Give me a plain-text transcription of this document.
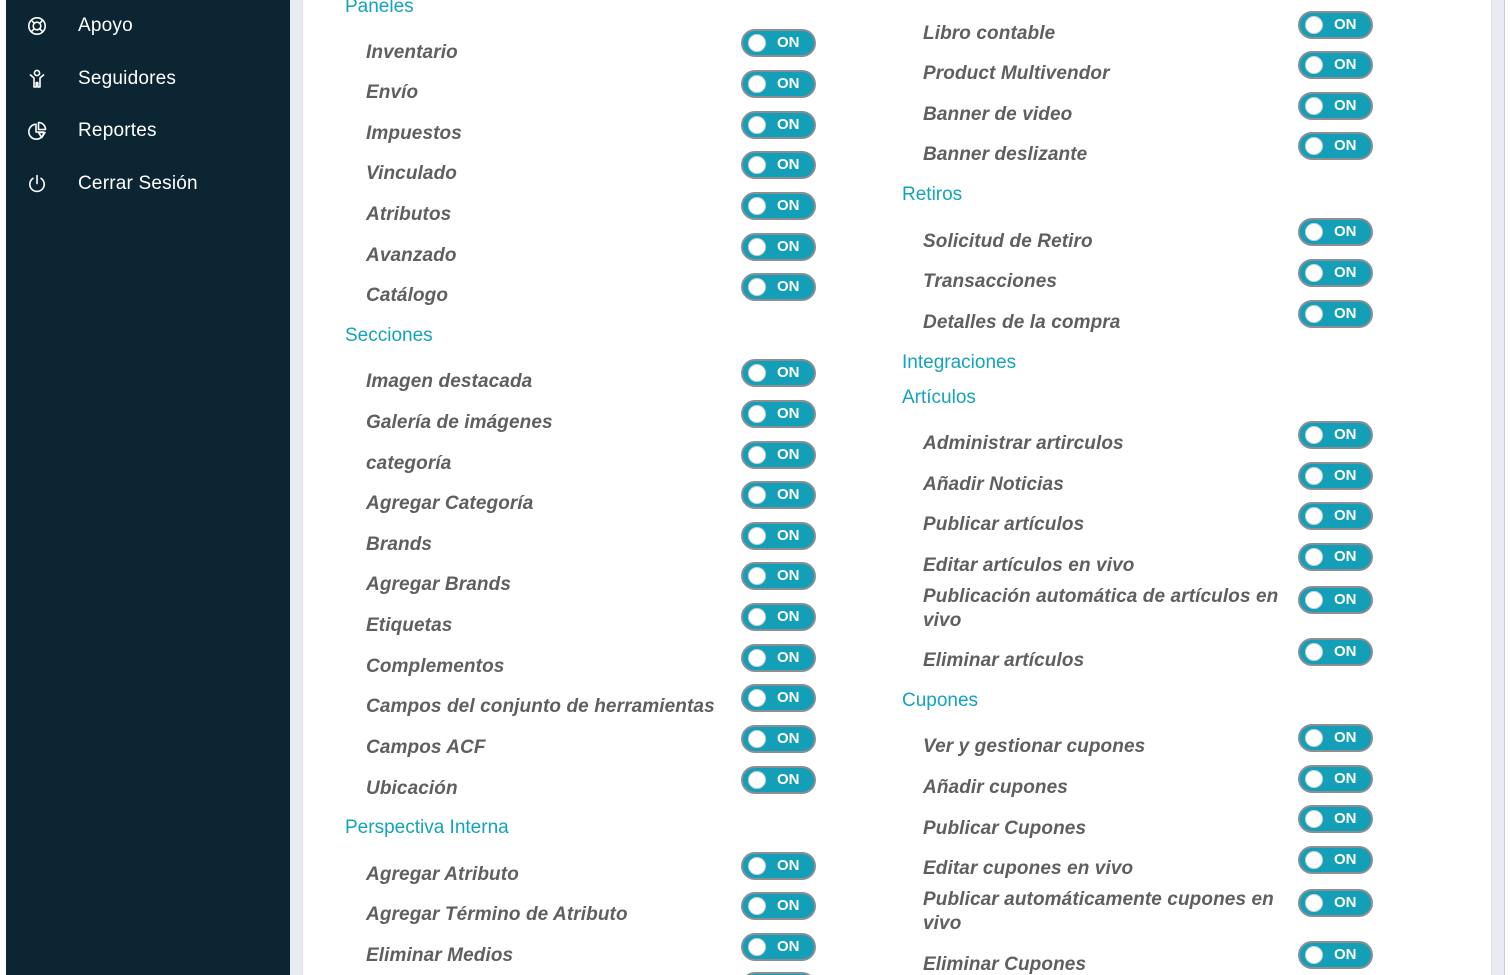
Apoyo
Seguidores
Reportes
Cerrar Sesión
Paneles
Inventario	ON
Envío	ON
Impuestos	ON
Vinculado	ON
Atributos	ON
Avanzado	ON
Catálogo	ON
Secciones
Imagen destacada	ON
Galería de imágenes	ON
categoría	ON
Agregar Categoría	ON
Brands	ON
Agregar Brands	ON
Etiquetas	ON
Complementos	ON
Campos del conjunto de herramientas	ON
Campos ACF	ON
Ubicación	ON
Perspectiva Interna
Agregar Atributo	ON
Agregar Término de Atributo	ON
Eliminar Medios	ON
Libro contable	ON
Product Multivendor	ON
Banner de video	ON
Banner deslizante	ON
Retiros
Solicitud de Retiro	ON
Transacciones	ON
Detalles de la compra	ON
Integraciones
Artículos
Administrar artirculos	ON
Añadir Noticias	ON
Publicar artículos	ON
Editar artículos en vivo	ON
Publicación automática de artículos en vivo
ON
Eliminar artículos	ON
Cupones
Ver y gestionar cupones	ON
Añadir cupones	ON
Publicar Cupones	ON
Editar cupones en vivo	ON
Publicar automáticamente cupones en vivo
ON
Eliminar Cupones	ON
